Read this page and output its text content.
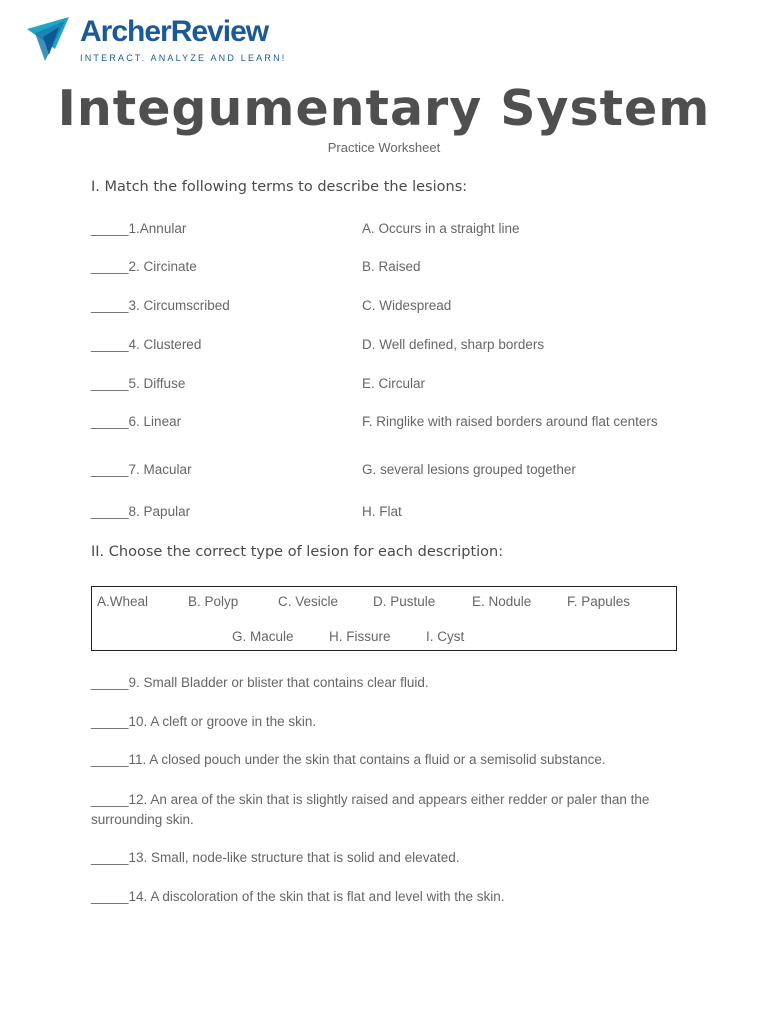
ArcherReview
INTERACT. ANALYZE AND LEARN!
Integumentary System
Practice Worksheet
I. Match the following terms to describe the lesions:
_____1.Annular	A. Occurs in a straight line
_____2. Circinate	B. Raised
_____3. Circumscribed	C. Widespread
_____4. Clustered	D. Well defined, sharp borders
_____5. Diffuse	E. Circular
_____6. Linear	F. Ringlike with raised borders around flat centers
_____7. Macular	G. several lesions grouped together
_____8. Papular	H. Flat
II. Choose the correct type of lesion for each description:
A.Wheal	B. Polyp	C. Vesicle	D. Pustule	E. Nodule	F. Papules
G. Macule	H. Fissure	I. Cyst
_____9. Small Bladder or blister that contains clear fluid.
_____10. A cleft or groove in the skin.
_____11. A closed pouch under the skin that contains a fluid or a semisolid substance.
_____12. An area of the skin that is slightly raised and appears either redder or paler than the surrounding skin.
_____13. Small, node-like structure that is solid and elevated.
_____14. A discoloration of the skin that is flat and level with the skin.
